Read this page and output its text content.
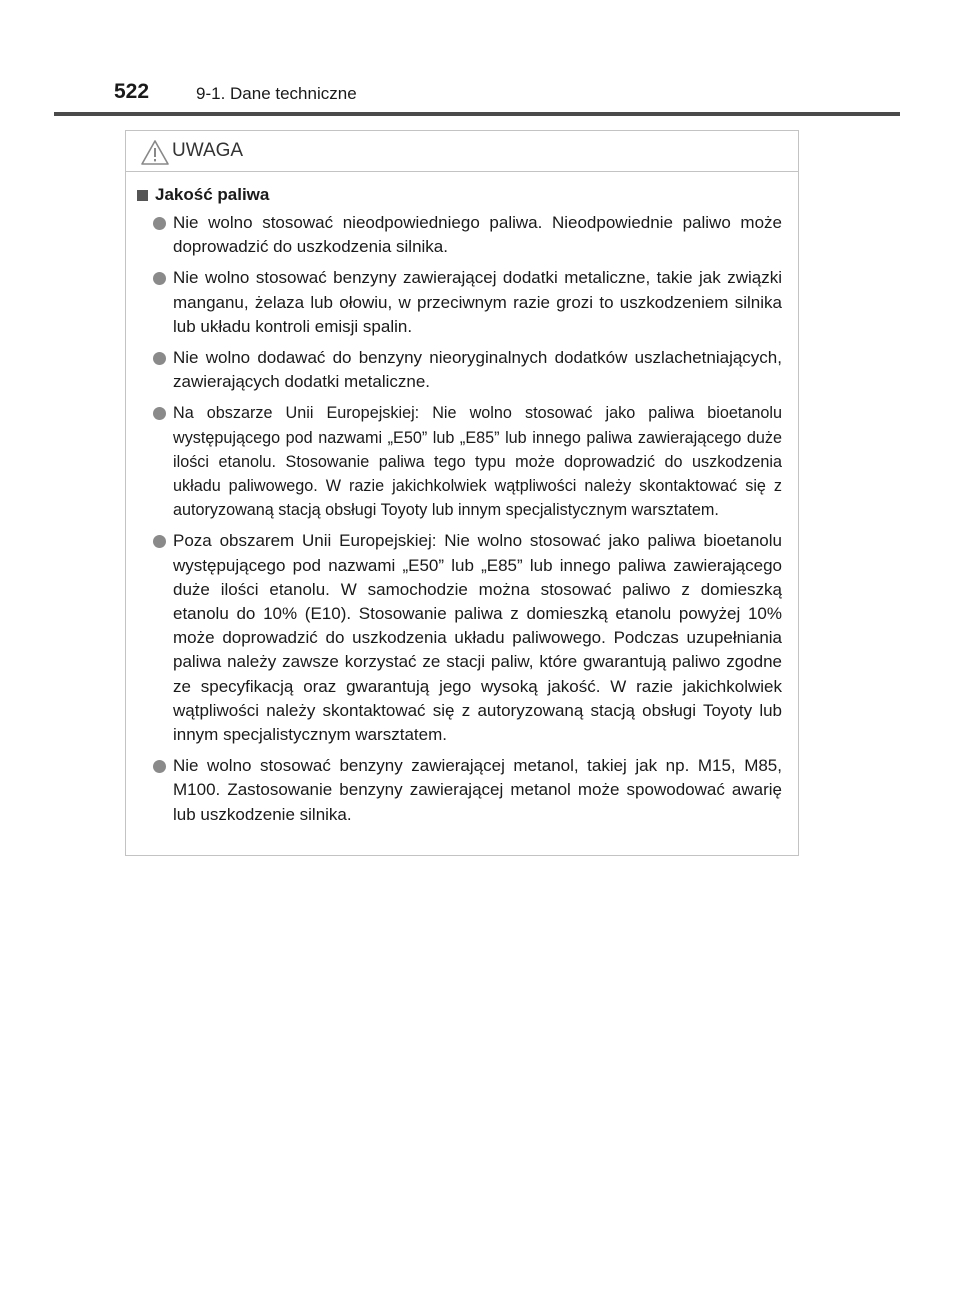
522	9-1. Dane techniczne
UWAGA
Jakość paliwa
Nie wolno stosować nieodpowiedniego paliwa. Nieodpowiednie paliwo może doprowadzić do uszkodzenia silnika.
Nie wolno stosować benzyny zawierającej dodatki metaliczne, takie jak związki manganu, żelaza lub ołowiu, w przeciwnym razie grozi to uszkodzeniem silnika lub układu kontroli emisji spalin.
Nie wolno dodawać do benzyny nieoryginalnych dodatków uszlachetniających, zawierających dodatki metaliczne.
Na obszarze Unii Europejskiej: Nie wolno stosować jako paliwa bioetanolu występującego pod nazwami „E50” lub „E85” lub innego paliwa zawierającego duże ilości etanolu. Stosowanie paliwa tego typu może doprowadzić do uszkodzenia układu paliwowego. W razie jakichkolwiek wątpliwości należy skontaktować się z autoryzowaną stacją obsługi Toyoty lub innym specjalistycznym warsztatem.
Poza obszarem Unii Europejskiej: Nie wolno stosować jako paliwa bioetanolu występującego pod nazwami „E50” lub „E85” lub innego paliwa zawierającego duże ilości etanolu. W samochodzie można stosować paliwo z domieszką etanolu do 10% (E10). Stosowanie paliwa z domieszką etanolu powyżej 10% może doprowadzić do uszkodzenia układu paliwowego. Podczas uzupełniania paliwa należy zawsze korzystać ze stacji paliw, które gwarantują paliwo zgodne ze specyfikacją oraz gwarantują jego wysoką jakość. W razie jakichkolwiek wątpliwości należy skontaktować się z autoryzowaną stacją obsługi Toyoty lub innym specjalistycznym warsztatem.
Nie wolno stosować benzyny zawierającej metanol, takiej jak np. M15, M85, M100. Zastosowanie benzyny zawierającej metanol może spowodować awarię lub uszkodzenie silnika.
